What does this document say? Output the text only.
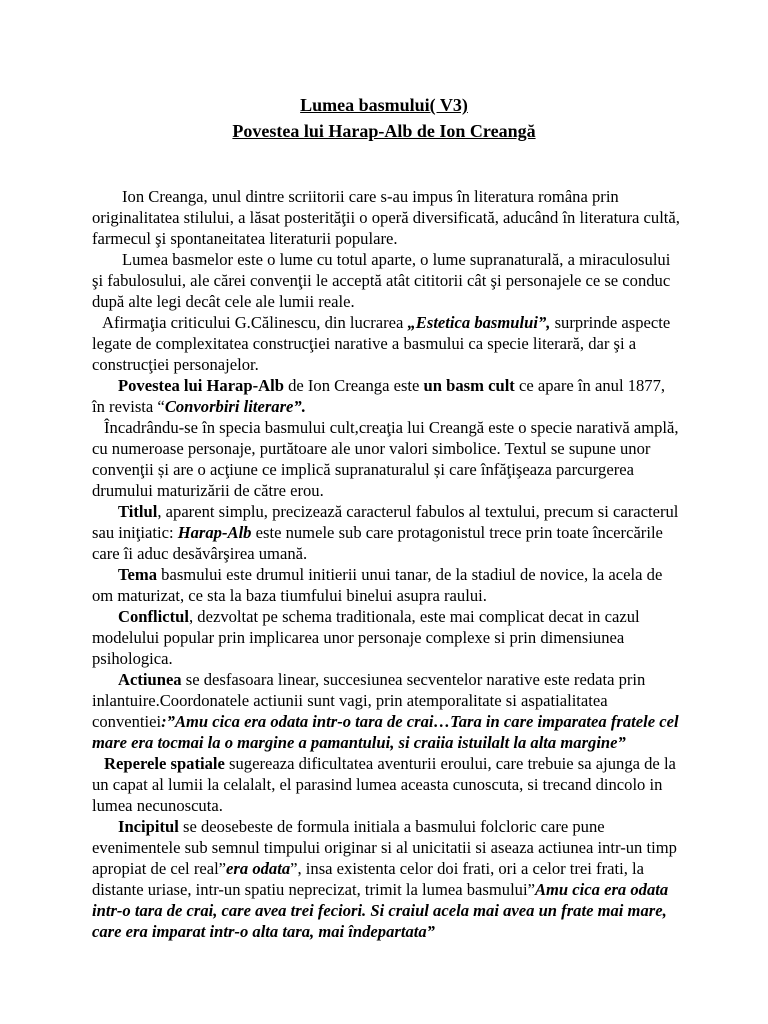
Lumea basmului( V3)

Povestea lui Harap-Alb de Ion Creangă

Ion Creanga, unul dintre scriitorii care s-au impus în literatura româna prin originalitatea stilului, a lăsat posterităţii o operă diversificată, aducând în literatura cultă, farmecul şi spontaneitatea literaturii populare.

Lumea basmelor este o lume cu totul aparte, o lume supranaturală, a miraculosului şi fabulosului, ale cărei convenţii le acceptă atât cititorii cât şi personajele ce se conduc după alte legi decât cele ale lumii reale.

Afirmaţia criticului G.Călinescu, din lucrarea „Estetica basmului”, surprinde aspecte legate de complexitatea construcţiei narative a basmului ca specie literară, dar şi a construcţiei personajelor.

Povestea lui Harap-Alb de Ion Creanga este un basm cult ce apare în anul 1877, în revista “Convorbiri literare”.

Încadrându-se în specia basmului cult,creaţia lui Creangă este o specie narativă amplă, cu numeroase personaje, purtătoare ale unor valori simbolice. Textul se supune unor convenţii și are o acţiune ce implică supranaturalul și care înfăţişeaza parcurgerea drumului maturizării de către erou.

Titlul, aparent simplu, precizează caracterul fabulos al textului, precum si caracterul sau iniţiatic: Harap-Alb este numele sub care protagonistul trece prin toate încercările care îi aduc desăvârşirea umană.

Tema basmului este drumul initierii unui tanar, de la stadiul de novice, la acela de om maturizat, ce sta la baza tiumfului binelui asupra raului.

Conflictul, dezvoltat pe schema traditionala, este mai complicat decat in cazul modelului popular prin implicarea unor personaje complexe si prin dimensiunea psihologica.

Actiunea se desfasoara linear, succesiunea secventelor narative este redata prin inlantuire.Coordonatele actiunii sunt vagi, prin atemporalitate si aspatialitatea conventiei:”Amu cica era odata intr-o tara de crai…Tara in care imparatea fratele cel mare era tocmai la o margine a pamantului, si craiia istuilalt la alta margine”

Reperele spatiale sugereaza dificultatea aventurii eroului, care trebuie sa ajunga de la un capat al lumii la celalalt, el parasind lumea aceasta cunoscuta, si trecand dincolo in lumea necunoscuta.

Incipitul se deosebeste de formula initiala a basmului folcloric care pune evenimentele sub semnul timpului originar si al unicitatii si aseaza actiunea intr-un timp apropiat de cel real”era odata”, insa existenta celor doi frati, ori a celor trei frati, la distante uriase, intr-un spatiu neprecizat, trimit la lumea basmului”Amu cica era odata intr-o tara de crai, care avea trei feciori. Si craiul acela mai avea un frate mai mare, care era imparat intr-o alta tara, mai îndepartata”
